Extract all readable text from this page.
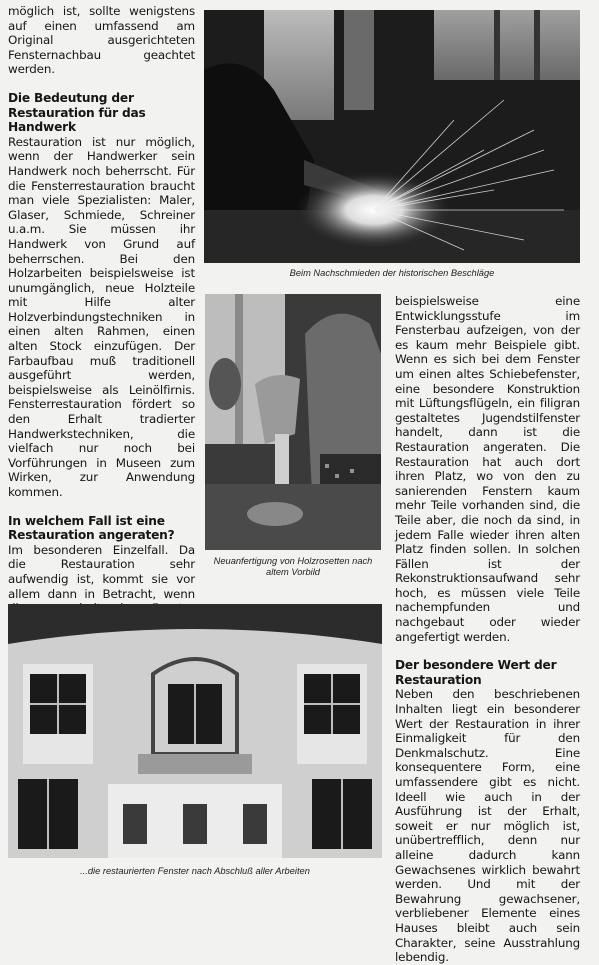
möglich ist, sollte wenigstens auf einen umfassend am Original ausgerichteten Fensternachbau geachtet werden.

Die Bedeutung der Restauration für das Handwerk

Restauration ist nur möglich, wenn der Handwerker sein Handwerk noch beherrscht. Für die Fensterrestauration braucht man viele Spezialisten: Maler, Glaser, Schmiede, Schreiner u.a.m. Sie müssen ihr Handwerk von Grund auf beherrschen. Bei den Holzarbeiten beispielsweise ist unumgänglich, neue Holzteile mit Hilfe alter Holzverbindungstechniken in einen alten Rahmen, einen alten Stock einzufügen. Der Farbaufbau muß traditionell ausgeführt werden, beispielsweise als Leinölfirnis. Fensterrestauration fördert so den Erhalt tradierter Handwerkstechniken, die vielfach nur noch bei Vorführungen in Museen zum Wirken, zur Anwendung kommen.

In welchem Fall ist eine Restauration angeraten?

Im besonderen Einzelfall. Da die Restauration sehr aufwendig ist, kommt sie vor allem dann in Betracht, wenn

Beim Nachschmieden der historischen Beschläge
Neuanfertigung von Holzrosetten nach altem Vorbild

beispielsweise eine Entwicklungsstufe im Fensterbau aufzeigen, von der es kaum mehr Beispiele gibt. Wenn es sich bei dem Fenster um einen altes Schiebefenster, eine besondere Konstruktion mit Lüftungsflügeln, ein filigran gestaltetes Jugendstilfenster handelt, dann ist die Restauration angeraten. Die Restauration hat auch dort ihren Platz, wo von den zu sanierenden Fenstern kaum mehr Teile vorhanden sind, die Teile aber, die noch da sind, in jedem Falle wieder ihren alten Platz finden sollen. In solchen Fällen ist der Rekonstruktionsaufwand sehr hoch, es müssen viele Teile nachempfunden und nachgebaut oder wieder angefertigt werden.

Der besondere Wert der Restauration

Neben den beschriebenen Inhalten liegt ein besonderer Wert der Restauration in ihrer Einmaligkeit für den Denkmalschutz. Eine konsequentere Form, eine umfassendere gibt es nicht. Ideell wie auch in der Ausführung ist der Erhalt, soweit er nur möglich ist, unübertrefflich, denn nur alleine dadurch kann Gewachsenes wirklich bewahrt werden. Und mit der Bewahrung gewachsener, verbliebener Elemente eines Hauses bleibt auch sein Charakter, seine Ausstrahlung lebendig.

...die restaurierten Fenster nach Abschluß aller Arbeiten
